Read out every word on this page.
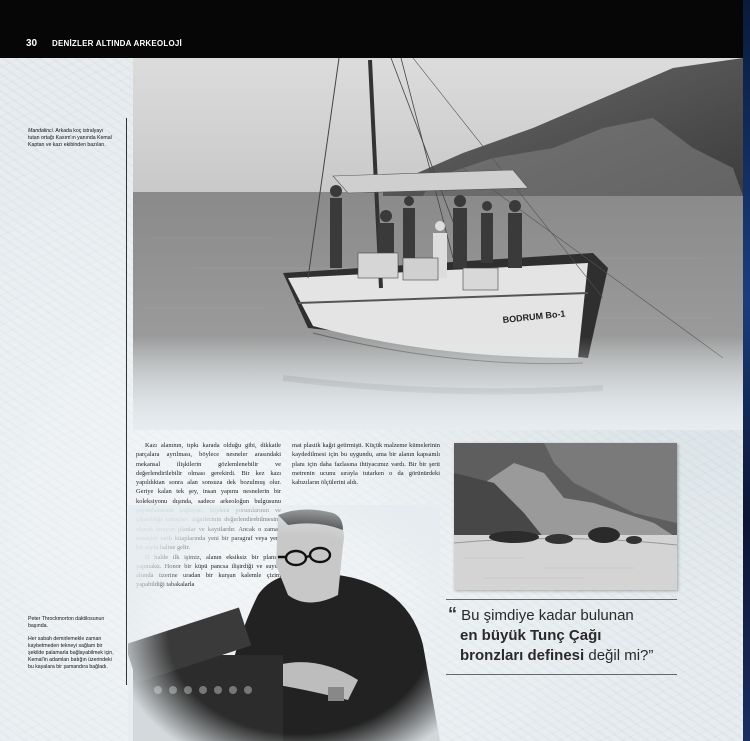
30 DENİZLER ALTINDA ARKEOLOJİ
Mandalinci. Arkada koç istralyayı tutan ortağı Kasım'ın yanında Kemal Kaptan ve kazı ekibinden bazıları.
Peter Throckmorton daktilosunun başında.
Her sabah demirlemekle zaman kaybetmeden tekneyi sağlam bir şekilde palamarla bağlayabilmek için, Kemal'in adamları batığın üzerindeki bu kayalara bir şamandıra bağladı.

Kazı alanının, tıpkı karada olduğu gibi, dikkatle parçalara ayrılması, böylece nesneler arasındaki mekansal ilişkilerin gözlemlenebilir ve değerlendirilebilir olması gerekirdi. Bir kez kazı yapıldıktan sonra alan sonsuza dek bozulmuş olur. Geriye kalan tek şey, insan yapımı nesnelerin bir koleksiyonu dışında, sadece arkeoloğun bulgusunu

mat plastik kağıt getirmişti. Küçük malzeme kümelerinin kaydedilmesi için bu uygundu, ama bir alanın kapsamlı planı için daha fazlasına ihtiyacımız vardı. Bir bir şerit metrenin ucunu sırayla tutarken o da görünürdeki kabızıların ölçülerini aldı.

“ Bu şimdiye kadar bulunan
en büyük Tunç Çağı
bronzları definesi değil mi?”
